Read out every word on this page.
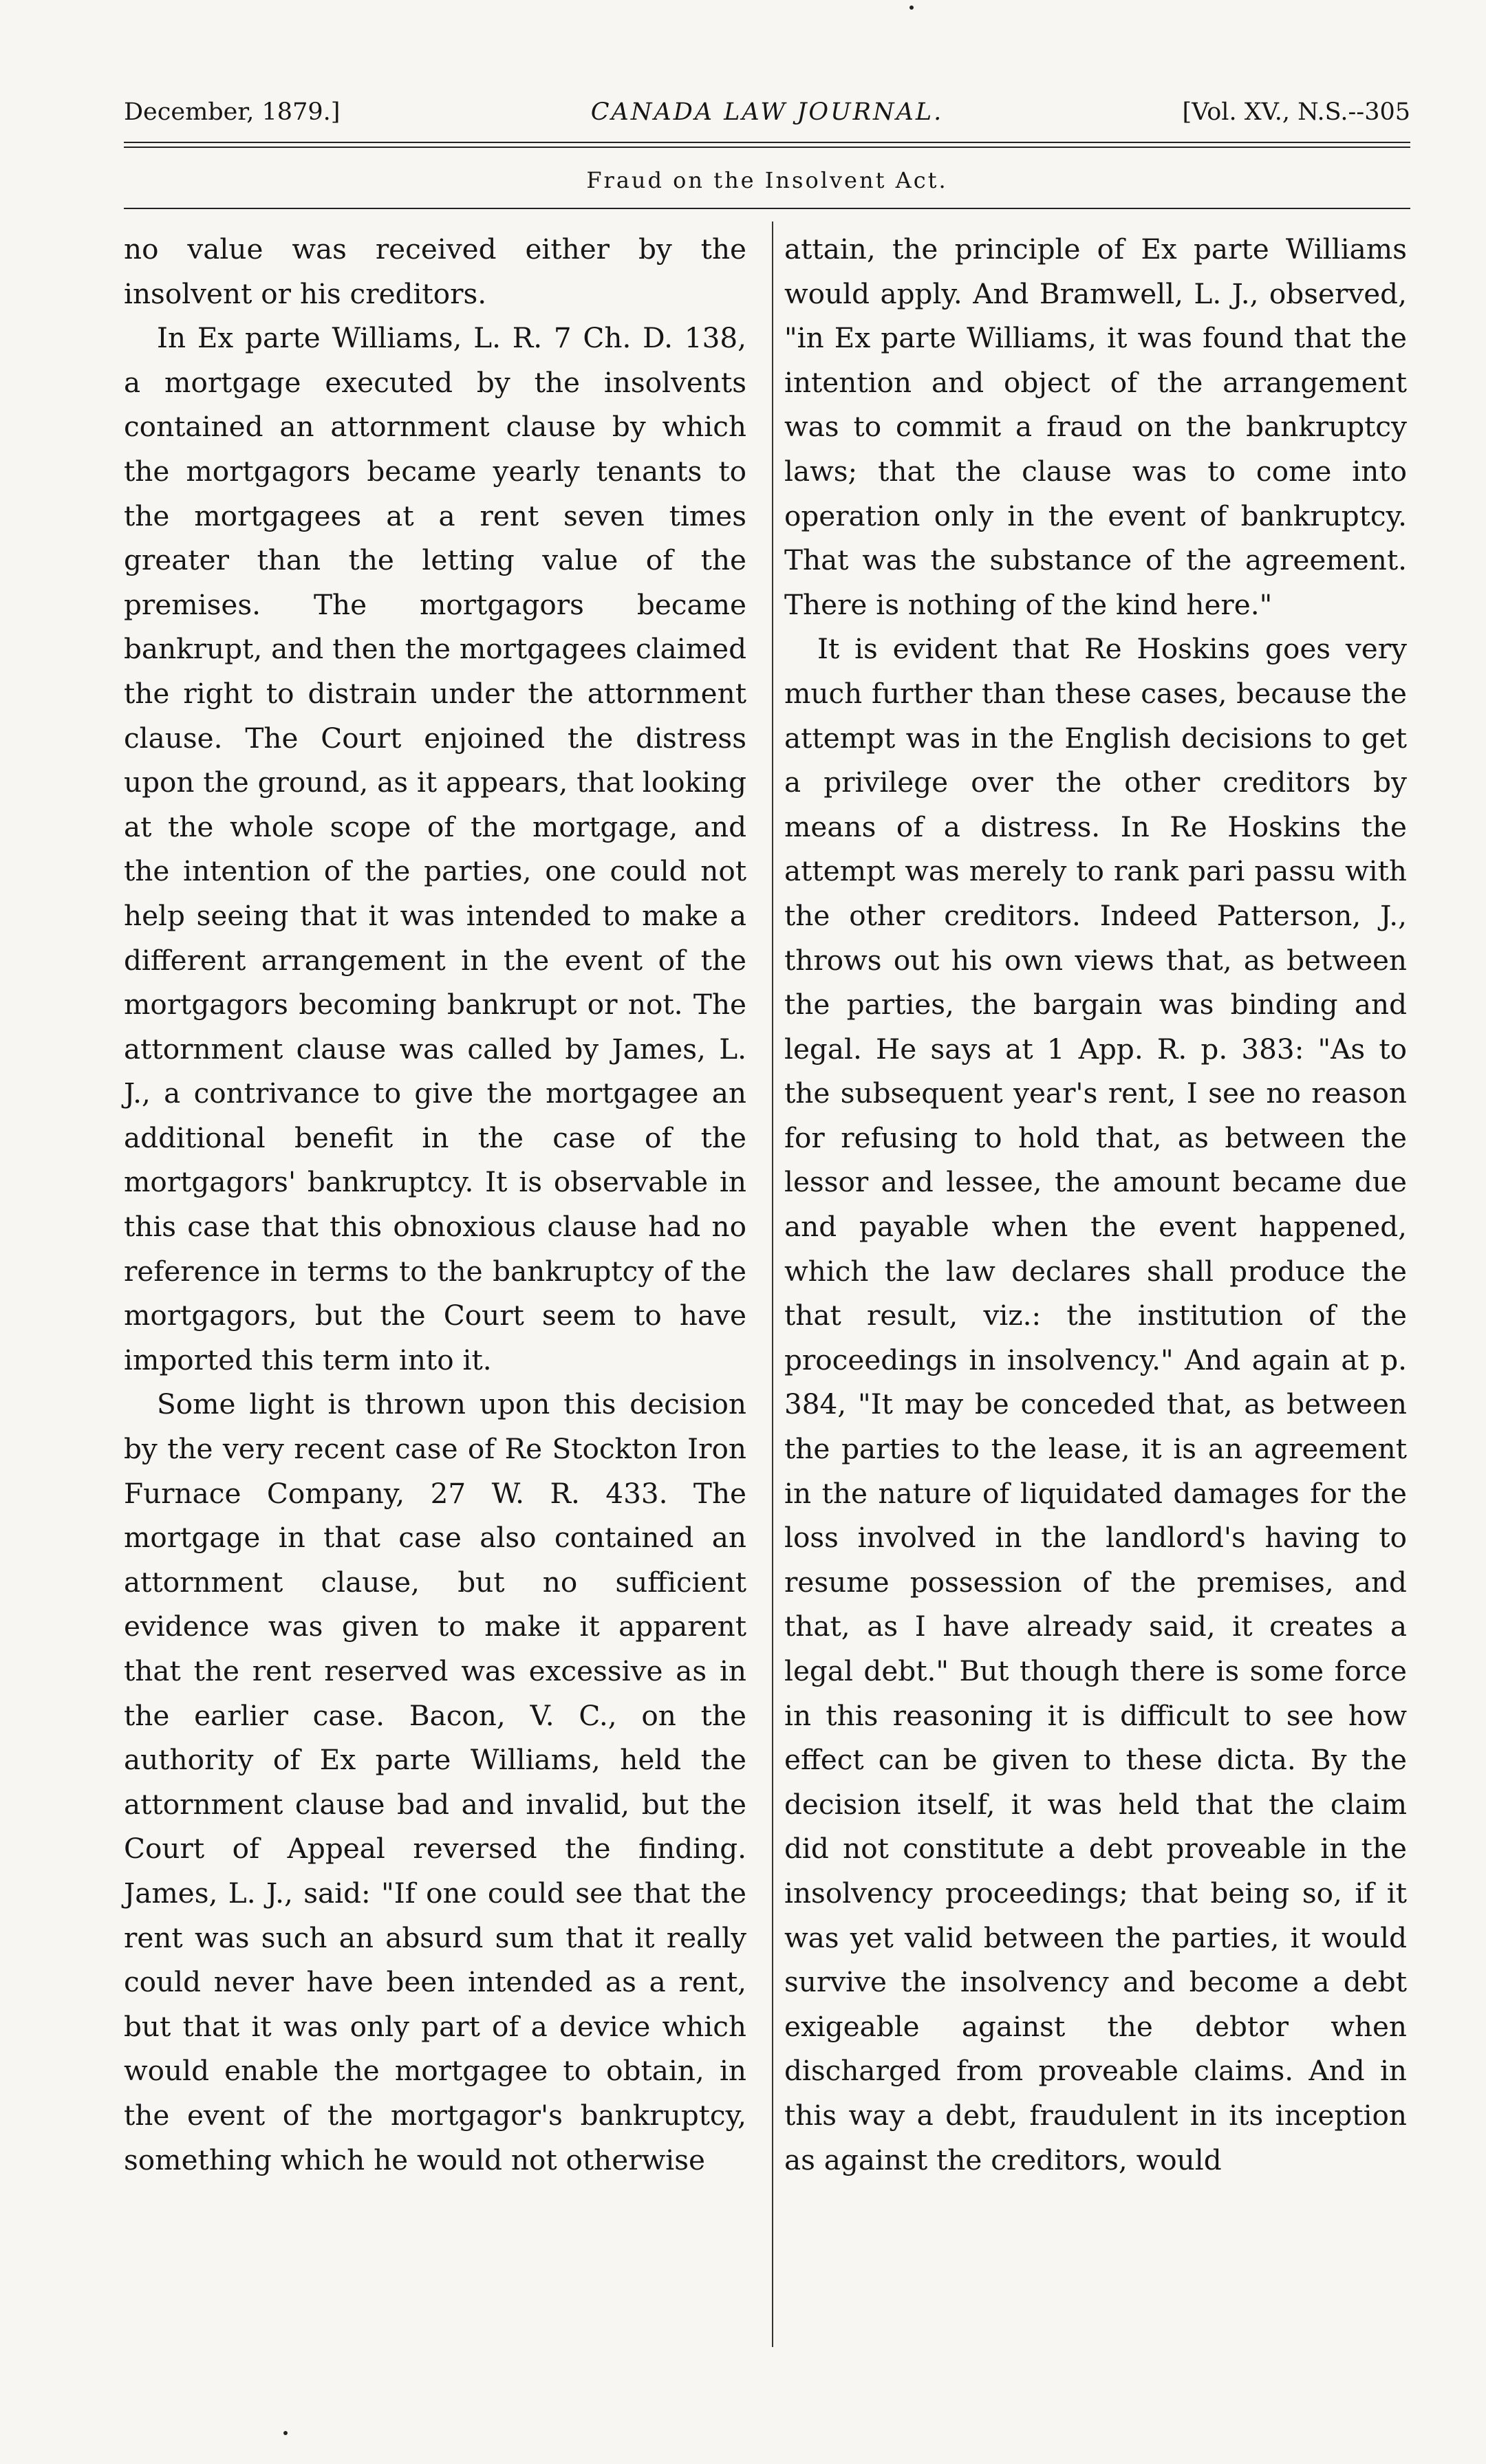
December, 1879.]	CANADA LAW JOURNAL.	[Vol. XV., N.S.--305
Fraud on the Insolvent Act.

no value was received either by the insolvent or his creditors.

In Ex parte Williams, L. R. 7 Ch. D. 138, a mortgage executed by the insolvents contained an attornment clause by which the mortgagors became yearly tenants to the mortgagees at a rent seven times greater than the letting value of the premises. The mortgagors became bankrupt, and then the mortgagees claimed the right to distrain under the attornment clause. The Court enjoined the distress upon the ground, as it appears, that looking at the whole scope of the mortgage, and the intention of the parties, one could not help seeing that it was intended to make a different arrangement in the event of the mortgagors becoming bankrupt or not. The attornment clause was called by James, L. J., a contrivance to give the mortgagee an additional benefit in the case of the mortgagors' bankruptcy. It is observable in this case that this obnoxious clause had no reference in terms to the bankruptcy of the mortgagors, but the Court seem to have imported this term into it.

Some light is thrown upon this decision by the very recent case of Re Stockton Iron Furnace Company, 27 W. R. 433. The mortgage in that case also contained an attornment clause, but no sufficient evidence was given to make it apparent that the rent reserved was excessive as in the earlier case. Bacon, V. C., on the authority of Ex parte Williams, held the attornment clause bad and invalid, but the Court of Appeal reversed the finding. James, L. J., said: "If one could see that the rent was such an absurd sum that it really could never have been intended as a rent, but that it was only part of a device which would enable the mortgagee to obtain, in the event of the mortgagor's bankruptcy, something which he would not otherwise

attain, the principle of Ex parte Williams would apply. And Bramwell, L. J., observed, "in Ex parte Williams, it was found that the intention and object of the arrangement was to commit a fraud on the bankruptcy laws; that the clause was to come into operation only in the event of bankruptcy. That was the substance of the agreement. There is nothing of the kind here."

It is evident that Re Hoskins goes very much further than these cases, because the attempt was in the English decisions to get a privilege over the other creditors by means of a distress. In Re Hoskins the attempt was merely to rank pari passu with the other creditors. Indeed Patterson, J., throws out his own views that, as between the parties, the bargain was binding and legal. He says at 1 App. R. p. 383: "As to the subsequent year's rent, I see no reason for refusing to hold that, as between the lessor and lessee, the amount became due and payable when the event happened, which the law declares shall produce the that result, viz.: the institution of the proceedings in insolvency." And again at p. 384, "It may be conceded that, as between the parties to the lease, it is an agreement in the nature of liquidated damages for the loss involved in the landlord's having to resume possession of the premises, and that, as I have already said, it creates a legal debt." But though there is some force in this reasoning it is difficult to see how effect can be given to these dicta. By the decision itself, it was held that the claim did not constitute a debt proveable in the insolvency proceedings; that being so, if it was yet valid between the parties, it would survive the insolvency and become a debt exigeable against the debtor when discharged from proveable claims. And in this way a debt, fraudulent in its inception as against the creditors, would
